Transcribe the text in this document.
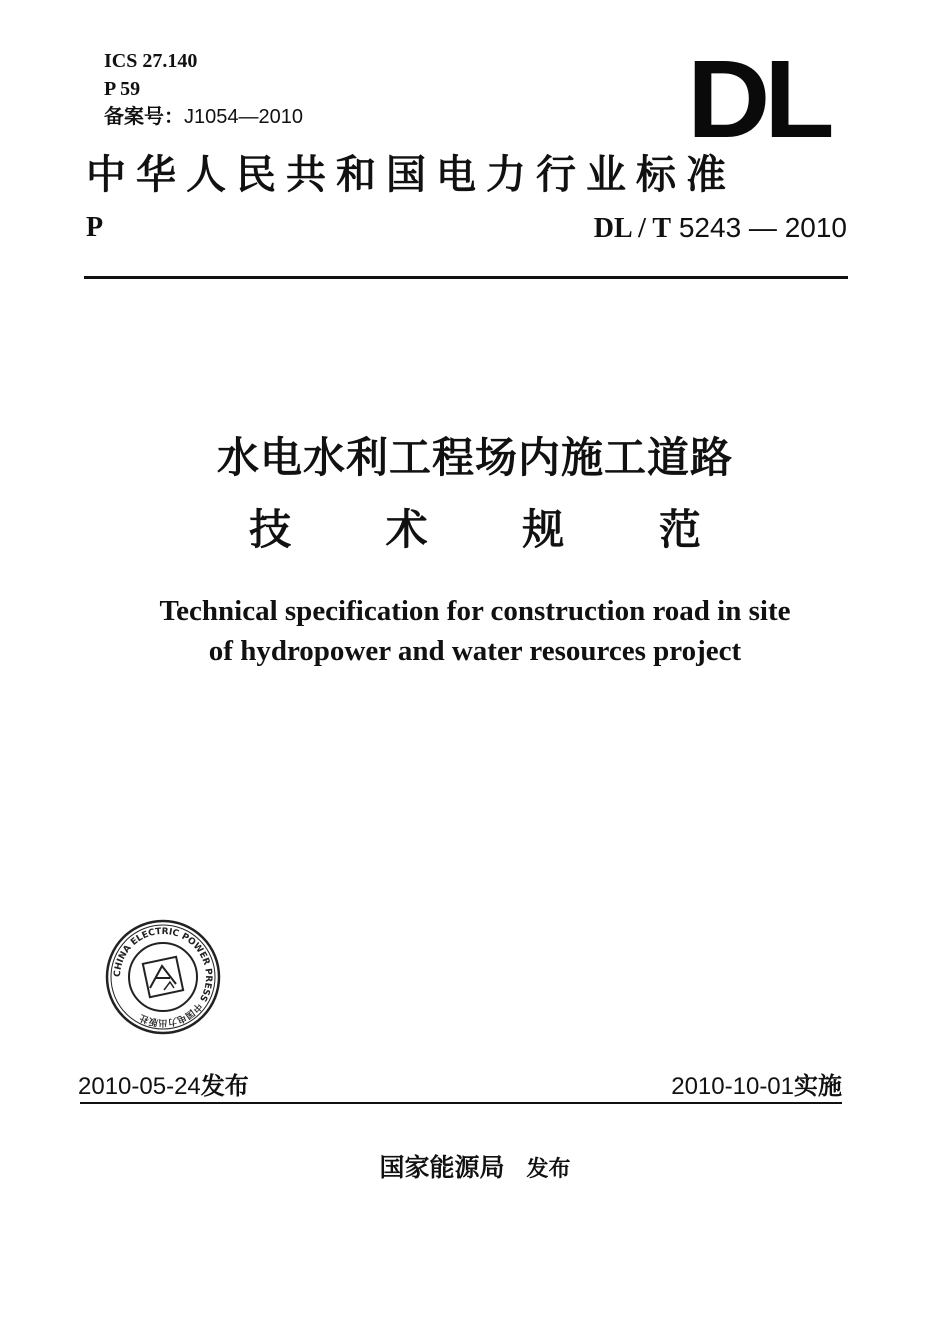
ICS 27.140
P 59
备案号：J1054—2010	DL
中华人民共和国电力行业标准
P	DL / T 5243 — 2010
水电水利工程场内施工道路
技 术 规 范
Technical specification for construction road in site
of hydropower and water resources project
CHINA ELECTRIC POWER PRESS 中国电力出版社
2010-05-24发布	2010-10-01实施
国家能源局 发布
